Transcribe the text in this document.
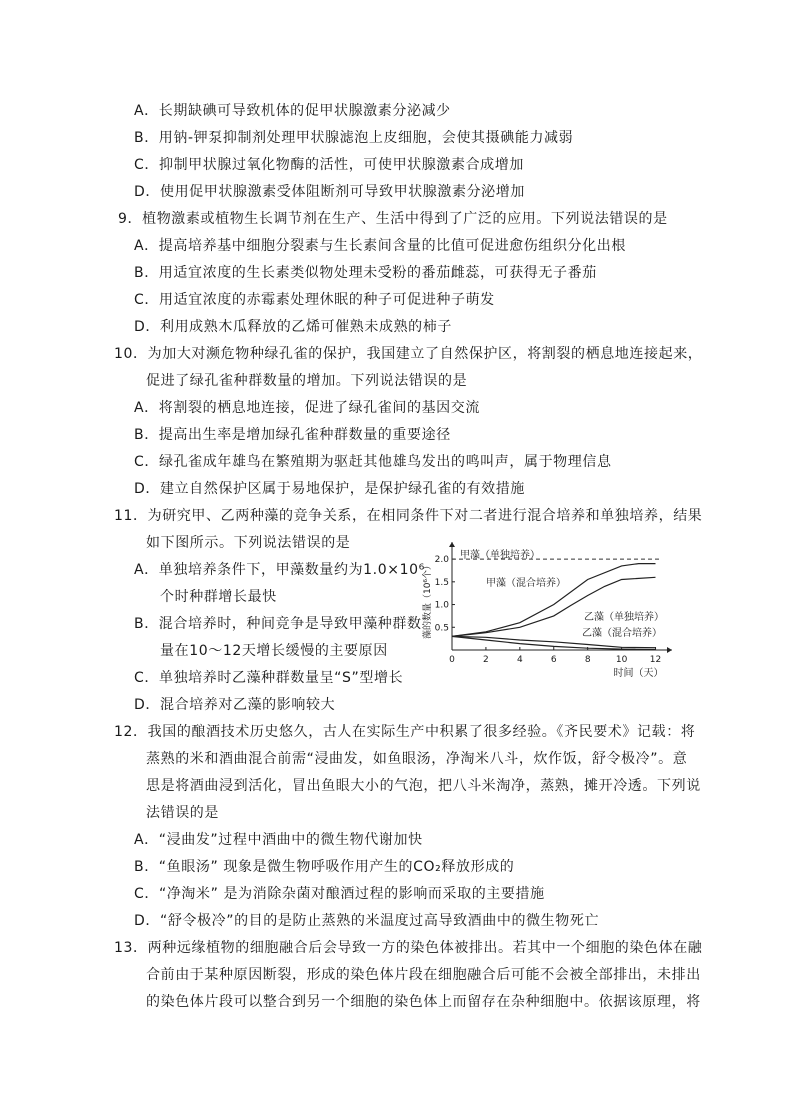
A．长期缺碘可导致机体的促甲状腺激素分泌减少
B．用钠-钾泵抑制剂处理甲状腺滤泡上皮细胞，会使其摄碘能力减弱
C．抑制甲状腺过氧化物酶的活性，可使甲状腺激素合成增加
D．使用促甲状腺激素受体阻断剂可导致甲状腺激素分泌增加
9．植物激素或植物生长调节剂在生产、生活中得到了广泛的应用。下列说法错误的是
A．提高培养基中细胞分裂素与生长素间含量的比值可促进愈伤组织分化出根
B．用适宜浓度的生长素类似物处理未受粉的番茄雌蕊，可获得无子番茄
C．用适宜浓度的赤霉素处理休眠的种子可促进种子萌发
D．利用成熟木瓜释放的乙烯可催熟未成熟的柿子
10．为加大对濒危物种绿孔雀的保护，我国建立了自然保护区，将割裂的栖息地连接起来，
促进了绿孔雀种群数量的增加。下列说法错误的是
A．将割裂的栖息地连接，促进了绿孔雀间的基因交流
B．提高出生率是增加绿孔雀种群数量的重要途径
C．绿孔雀成年雄鸟在繁殖期为驱赶其他雄鸟发出的鸣叫声，属于物理信息
D．建立自然保护区属于易地保护，是保护绿孔雀的有效措施
11．为研究甲、乙两种藻的竞争关系，在相同条件下对二者进行混合培养和单独培养，结果
如下图所示。下列说法错误的是
A．单独培养条件下，甲藻数量约为1.0×10⁶
个时种群增长最快
B．混合培养时，种间竞争是导致甲藻种群数
量在10～12天增长缓慢的主要原因
C．单独培养时乙藻种群数量呈“S”型增长
D．混合培养对乙藻的影响较大
0	2	4	6	8	10 12
0.5
1.0
1.5
2.0
时间（天）
藻的数量（10⁶个）
甲藻（单独培养）
甲藻（混合培养）
乙藻（单独培养）
乙藻（混合培养）
12．我国的酿酒技术历史悠久，古人在实际生产中积累了很多经验。《齐民要术》记载：将
蒸熟的米和酒曲混合前需“浸曲发，如鱼眼汤，净淘米八斗，炊作饭，舒令极冷”。意
思是将酒曲浸到活化，冒出鱼眼大小的气泡，把八斗米淘净，蒸熟，摊开冷透。下列说
法错误的是
A．“浸曲发”过程中酒曲中的微生物代谢加快
B．“鱼眼汤” 现象是微生物呼吸作用产生的CO₂释放形成的
C．“净淘米” 是为消除杂菌对酿酒过程的影响而采取的主要措施
D．“舒令极冷”的目的是防止蒸熟的米温度过高导致酒曲中的微生物死亡
13．两种远缘植物的细胞融合后会导致一方的染色体被排出。若其中一个细胞的染色体在融
合前由于某种原因断裂，形成的染色体片段在细胞融合后可能不会被全部排出，未排出
的染色体片段可以整合到另一个细胞的染色体上而留存在杂种细胞中。依据该原理，将
